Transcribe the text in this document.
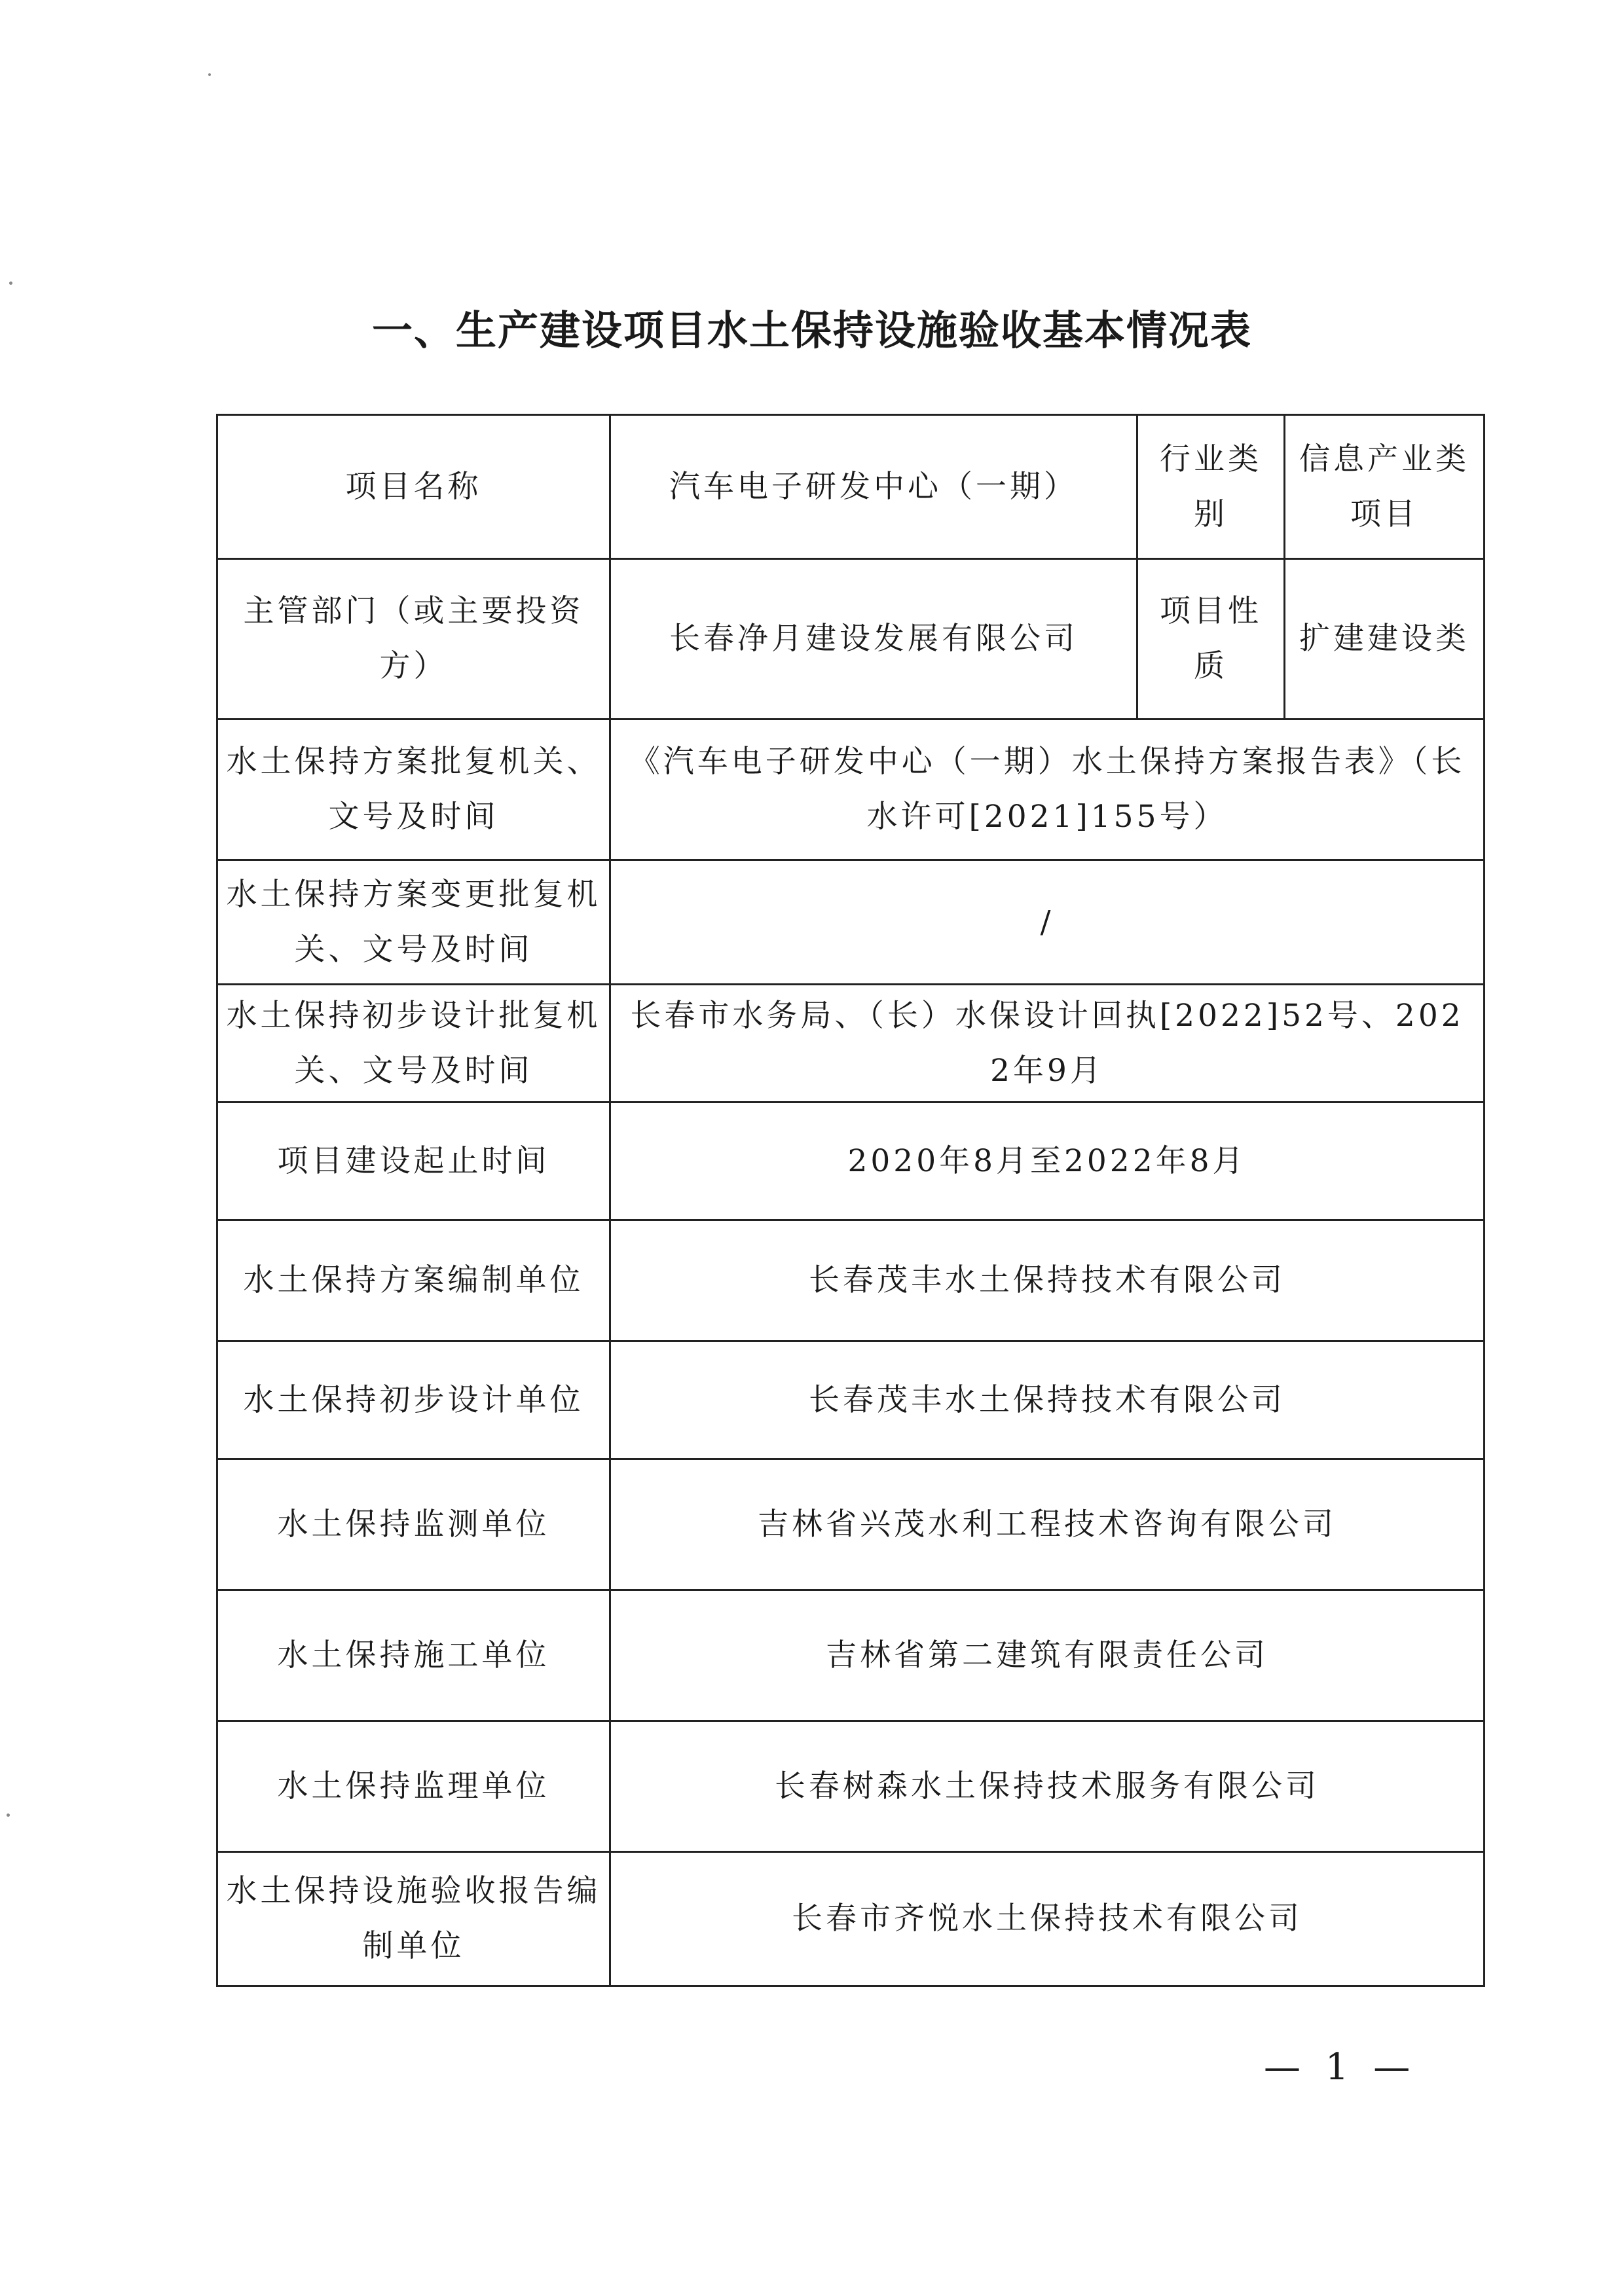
一、生产建设项目水土保持设施验收基本情况表
项目名称	汽车电子研发中心（一期）	行业类别	信息产业类项目
主管部门（或主要投资方）	长春净月建设发展有限公司	项目性质	扩建建设类
水土保持方案批复机关、文号及时间	《汽车电子研发中心（一期）水土保持方案报告表》（长水许可[2021]155号）		
水土保持方案变更批复机关、文号及时间	/		
水土保持初步设计批复机关、文号及时间	长春市水务局、（长）水保设计回执[2022]52号、2022年9月		
项目建设起止时间	2020年8月至2022年8月		
水土保持方案编制单位	长春茂丰水土保持技术有限公司		
水土保持初步设计单位	长春茂丰水土保持技术有限公司		
水土保持监测单位	吉林省兴茂水利工程技术咨询有限公司		
水土保持施工单位	吉林省第二建筑有限责任公司		
水土保持监理单位	长春树森水土保持技术服务有限公司		
水土保持设施验收报告编制单位	长春市齐悦水土保持技术有限公司		
— 1 —
